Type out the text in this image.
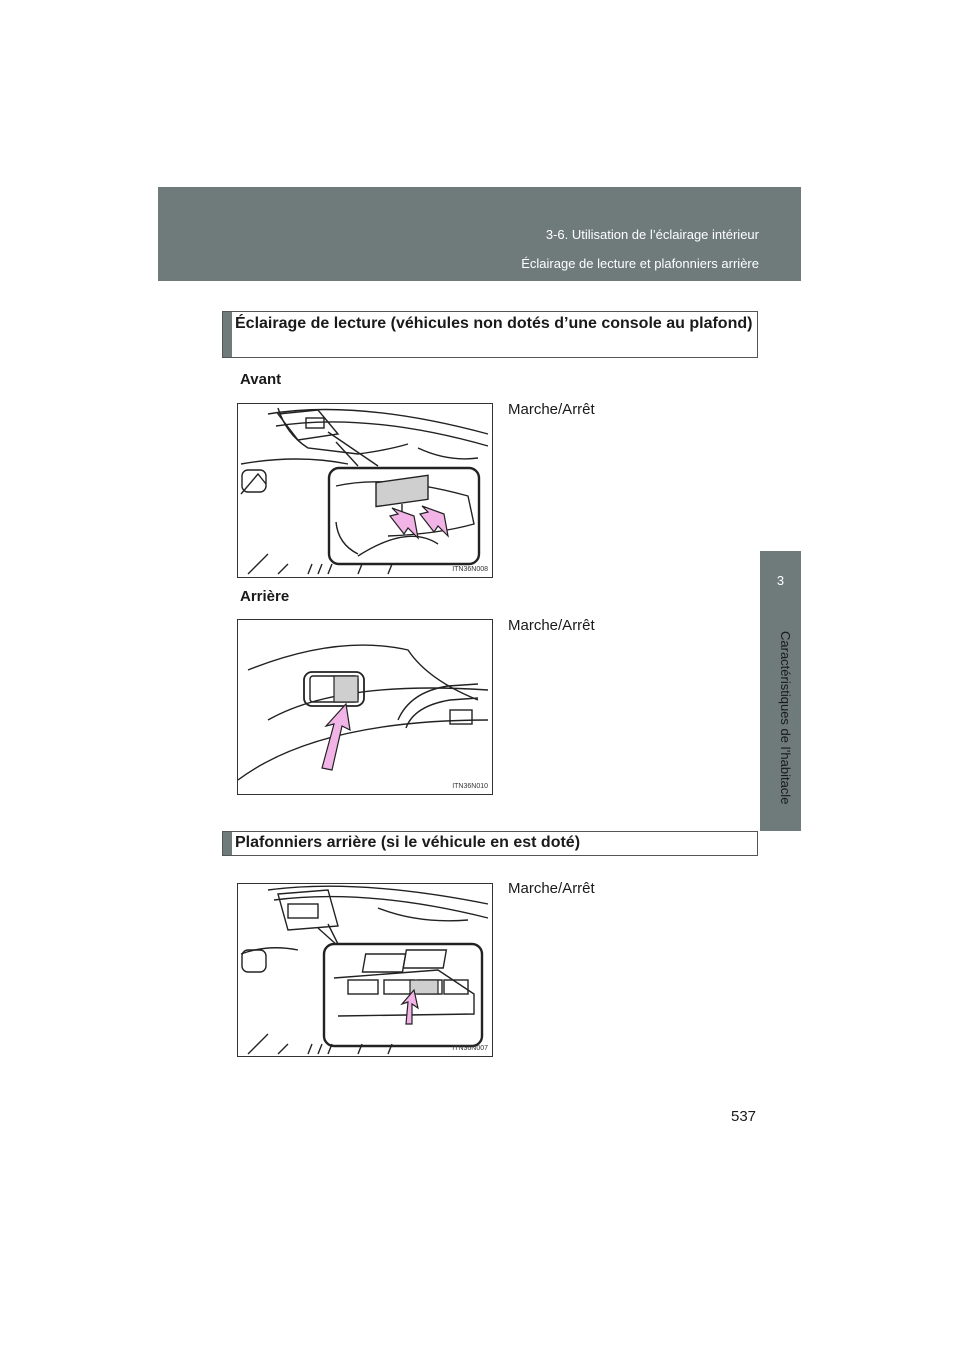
3-6. Utilisation de l’éclairage intérieur
Éclairage de lecture et plafonniers arrière
3
Caractéristiques de l’habitacle
Éclairage de lecture (véhicules non dotés d’une console au plafond)
Avant
Marche/Arrêt
ITN36N008
Arrière
Marche/Arrêt
ITN36N010
Plafonniers arrière (si le véhicule en est doté)
Marche/Arrêt
ITN36N007
537
